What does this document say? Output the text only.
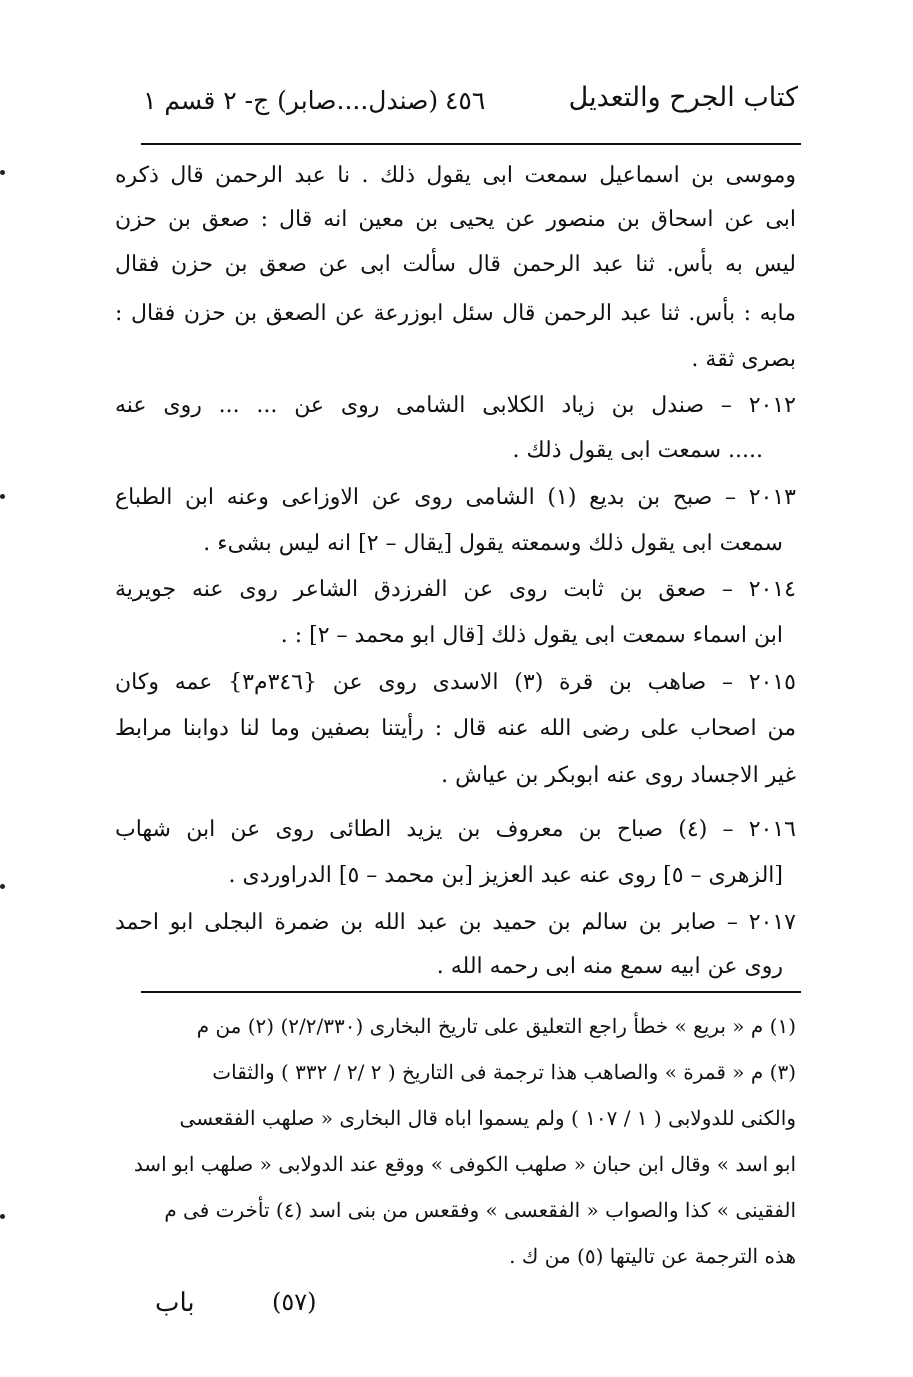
كتاب الجرح والتعديل
٤٥٦
(صندل....صابر) ج- ٢ قسم ١
وموسى بن اسماعيل سمعت ابى يقول ذلك . نا عبد الرحمن قال ذكره
ابى عن اسحاق بن منصور عن يحيى بن معين انه قال : صعق بن حزن
ليس به بأس. ثنا عبد الرحمن قال سألت ابى عن صعق بن حزن فقال
مابه : بأس. ثنا عبد الرحمن قال سئل ابوزرعة عن الصعق بن حزن فقال :
بصرى ثقة .
٢٠١٢ – صندل بن زياد الكلابى الشامى روى عن ... ... روى عنه
..... سمعت ابى يقول ذلك .
٢٠١٣ – صبح بن بديع (١) الشامى روى عن الاوزاعى وعنه ابن الطباع
سمعت ابى يقول ذلك وسمعته يقول [يقال – ٢] انه ليس بشىء .
٢٠١٤ – صعق بن ثابت روى عن الفرزدق الشاعر روى عنه جويرية
ابن اسماء سمعت ابى يقول ذلك [قال ابو محمد – ٢] : .
٢٠١٥ – صاهب بن قرة (٣) الاسدى روى عن {٣٤٦م٣} عمه وكان
من اصحاب على رضى الله عنه قال : رأيتنا بصفين وما لنا دوابنا مرابط
غير الاجساد روى عنه ابوبكر بن عياش .
٢٠١٦ – (٤) صباح بن معروف بن يزيد الطائى روى عن ابن شهاب
[الزهرى – ٥] روى عنه عبد العزيز [بن محمد – ٥] الدراوردى .
٢٠١٧ – صابر بن سالم بن حميد بن عبد الله بن ضمرة البجلى ابو احمد
روى عن ابيه سمع منه ابى رحمه الله .
(١) م « بريع » خطأ راجع التعليق على تاريخ البخارى (٢/٢/٣٣٠) (٢) من م
(٣) م « قمرة » والصاهب هذا ترجمة فى التاريخ ( ٢ /٢ / ٣٣٢ ) والثقات
والكنى للدولابى ( ١ / ١٠٧ ) ولم يسموا اباه قال البخارى « صلهب الفقعسى
ابو اسد » وقال ابن حبان « صلهب الكوفى » ووقع عند الدولابى « صلهب ابو اسد
الفقينى » كذا والصواب « الفقعسى » وفقعس من بنى اسد (٤) تأخرت فى م
هذه الترجمة عن تاليتها (٥) من ك .
(٥٧)
باب
